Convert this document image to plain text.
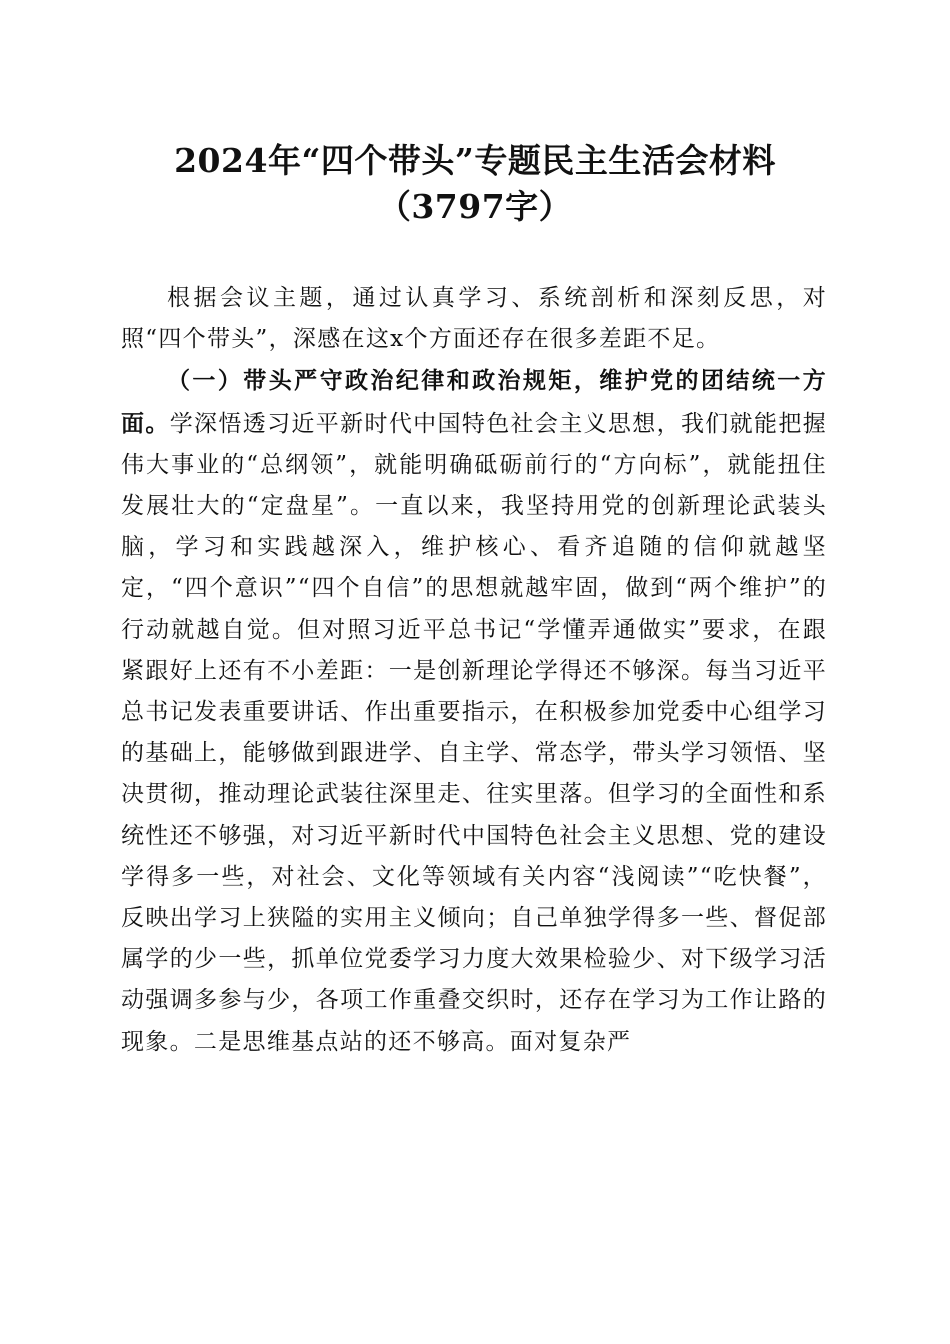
2024年“四个带头”专题民主生活会材料
（3797字）

根据会议主题，通过认真学习、系统剖析和深刻反思，对照“四个带头”，深感在这x个方面还存在很多差距不足。

（一）带头严守政治纪律和政治规矩，维护党的团结统一方面。学深悟透习近平新时代中国特色社会主义思想，我们就能把握伟大事业的“总纲领”，就能明确砥砺前行的“方向标”，就能扭住发展壮大的“定盘星”。一直以来，我坚持用党的创新理论武装头脑，学习和实践越深入，维护核心、看齐追随的信仰就越坚定，“四个意识”“四个自信”的思想就越牢固，做到“两个维护”的行动就越自觉。但对照习近平总书记“学懂弄通做实”要求，在跟紧跟好上还有不小差距：一是创新理论学得还不够深。每当习近平总书记发表重要讲话、作出重要指示，在积极参加党委中心组学习的基础上，能够做到跟进学、自主学、常态学，带头学习领悟、坚决贯彻，推动理论武装往深里走、往实里落。但学习的全面性和系统性还不够强，对习近平新时代中国特色社会主义思想、党的建设学得多一些，对社会、文化等领域有关内容“浅阅读”“吃快餐”，反映出学习上狭隘的实用主义倾向；自己单独学得多一些、督促部属学的少一些，抓单位党委学习力度大效果检验少、对下级学习活动强调多参与少，各项工作重叠交织时，还存在学习为工作让路的现象。二是思维基点站的还不够高。面对复杂严
